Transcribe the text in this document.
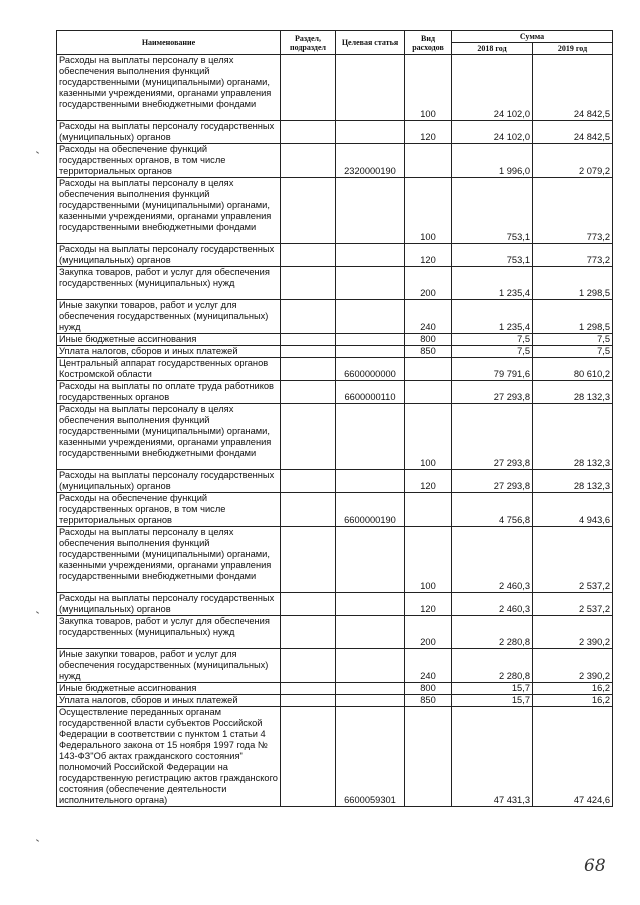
Наименование	Раздел, подраздел	Целевая статья	Вид расходов	Сумма	
				2018 год	2019 год
Расходы на выплаты персоналу в целях обеспечения выполнения функций государственными (муниципальными) органами, казенными учреждениями, органами управления государственными внебюджетными фондами			100	24 102,0	24 842,5
Расходы на выплаты персоналу государственных (муниципальных) органов			120	24 102,0	24 842,5
Расходы на обеспечение функций государственных органов, в том числе территориальных органов		2320000190		1 996,0	2 079,2
Расходы на выплаты персоналу в целях обеспечения выполнения функций государственными (муниципальными) органами, казенными учреждениями, органами управления государственными внебюджетными фондами			100	753,1	773,2
Расходы на выплаты персоналу государственных (муниципальных) органов			120	753,1	773,2
Закупка товаров, работ и услуг для обеспечения государственных (муниципальных) нужд			200	1 235,4	1 298,5
Иные закупки товаров, работ и услуг для обеспечения государственных (муниципальных) нужд			240	1 235,4	1 298,5
Иные бюджетные ассигнования			800	7,5	7,5
Уплата налогов, сборов и иных платежей			850	7,5	7,5
Центральный аппарат государственных органов Костромской области		6600000000		79 791,6	80 610,2
Расходы на выплаты по оплате труда работников государственных органов		6600000110		27 293,8	28 132,3
Расходы на выплаты персоналу в целях обеспечения выполнения функций государственными (муниципальными) органами, казенными учреждениями, органами управления государственными внебюджетными фондами			100	27 293,8	28 132,3
Расходы на выплаты персоналу государственных (муниципальных) органов			120	27 293,8	28 132,3
Расходы на обеспечение функций государственных органов, в том числе территориальных органов		6600000190		4 756,8	4 943,6
Расходы на выплаты персоналу в целях обеспечения выполнения функций государственными (муниципальными) органами, казенными учреждениями, органами управления государственными внебюджетными фондами			100	2 460,3	2 537,2
Расходы на выплаты персоналу государственных (муниципальных) органов			120	2 460,3	2 537,2
Закупка товаров, работ и услуг для обеспечения государственных (муниципальных) нужд			200	2 280,8	2 390,2
Иные закупки товаров, работ и услуг для обеспечения государственных (муниципальных) нужд			240	2 280,8	2 390,2
Иные бюджетные ассигнования			800	15,7	16,2
Уплата налогов, сборов и иных платежей			850	15,7	16,2
Осуществление переданных органам государственной власти субъектов Российской Федерации в соответствии с пунктом 1 статьи 4 Федерального закона от 15 ноября 1997 года № 143-ФЗ"Об актах гражданского состояния" полномочий Российской Федерации на государственную регистрацию актов гражданского состояния (обеспечение деятельности исполнительного органа)		6600059301		47 431,3	47 424,6
68
